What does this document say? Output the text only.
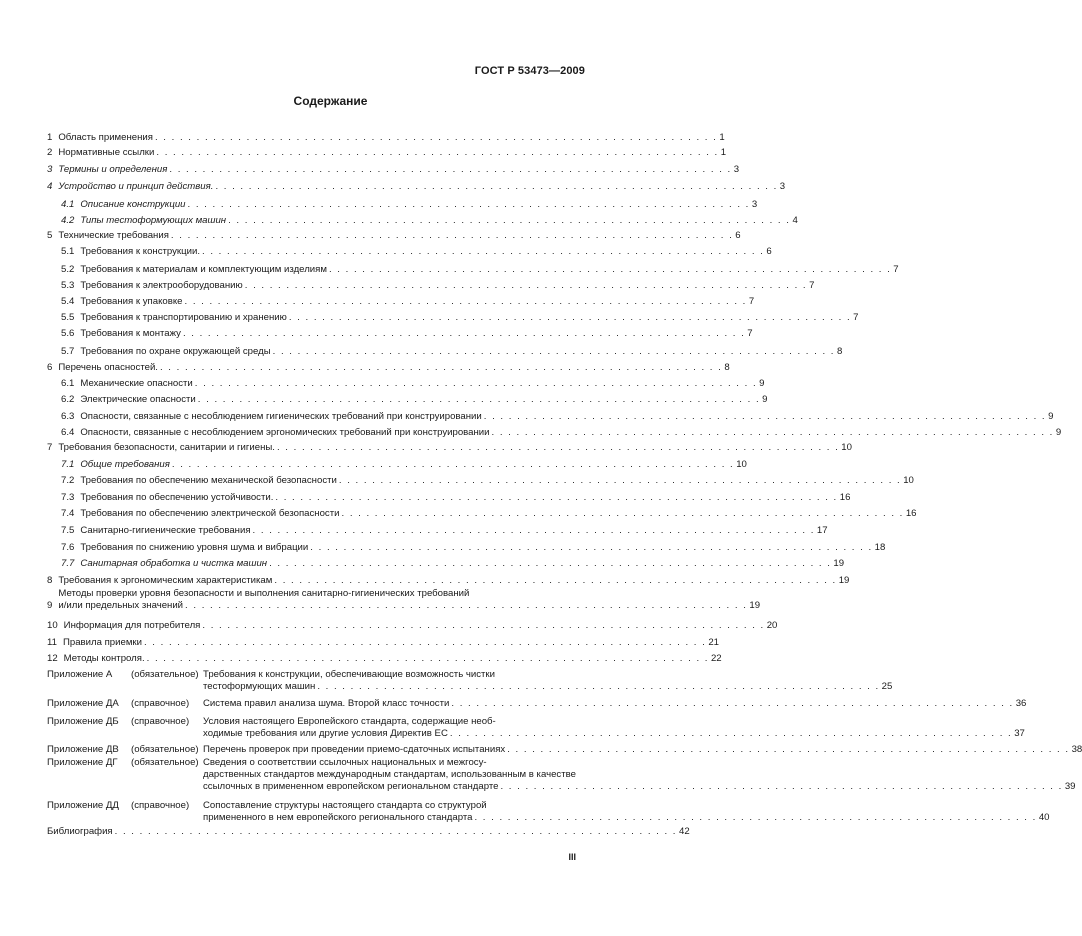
ГОСТ Р 53473—2009
Содержание
1 Область применения . . . . . . . . . . . . . . . . . . . . . . . . . . . . . . . . . . . . . . . . . . . . . . . . . . . . . . . . . . . . . . . . . . . . 1
2 Нормативные ссылки . . . . . . . . . . . . . . . . . . . . . . . . . . . . . . . . . . . . . . . . . . . . . . . . . . . . . . . . . . . . . . . . . . . . 1
3 Термины и определения . . . . . . . . . . . . . . . . . . . . . . . . . . . . . . . . . . . . . . . . . . . . . . . . . . . . . . . . . . . . . . . . . . . . 3
4 Устройство и принцип действия. . . . . . . . . . . . . . . . . . . . . . . . . . . . . . . . . . . . . . . . . . . . . . . . . . . . . . . . . . . . . . . . . . . . . 3
4.1 Описание конструкции . . . . . . . . . . . . . . . . . . . . . . . . . . . . . . . . . . . . . . . . . . . . . . . . . . . . . . . . . . . . . . . . . . . . 3
4.2 Типы тестоформующих машин . . . . . . . . . . . . . . . . . . . . . . . . . . . . . . . . . . . . . . . . . . . . . . . . . . . . . . . . . . . . . . . . . . . . 4
5 Технические требования . . . . . . . . . . . . . . . . . . . . . . . . . . . . . . . . . . . . . . . . . . . . . . . . . . . . . . . . . . . . . . . . . . . . 6
5.1 Требования к конструкции. . . . . . . . . . . . . . . . . . . . . . . . . . . . . . . . . . . . . . . . . . . . . . . . . . . . . . . . . . . . . . . . . . . . . 6
5.2 Требования к материалам и комплектующим изделиям . . . . . . . . . . . . . . . . . . . . . . . . . . . . . . . . . . . . . . . . . . . . . . . . . . . . . . . . . . . . . . . . . . . . 7
5.3 Требования к электрооборудованию . . . . . . . . . . . . . . . . . . . . . . . . . . . . . . . . . . . . . . . . . . . . . . . . . . . . . . . . . . . . . . . . . . . . 7
5.4 Требования к упаковке . . . . . . . . . . . . . . . . . . . . . . . . . . . . . . . . . . . . . . . . . . . . . . . . . . . . . . . . . . . . . . . . . . . . 7
5.5 Требования к транспортированию и хранению . . . . . . . . . . . . . . . . . . . . . . . . . . . . . . . . . . . . . . . . . . . . . . . . . . . . . . . . . . . . . . . . . . . . 7
5.6 Требования к монтажу . . . . . . . . . . . . . . . . . . . . . . . . . . . . . . . . . . . . . . . . . . . . . . . . . . . . . . . . . . . . . . . . . . . . 7
5.7 Требования по охране окружающей среды . . . . . . . . . . . . . . . . . . . . . . . . . . . . . . . . . . . . . . . . . . . . . . . . . . . . . . . . . . . . . . . . . . . . 8
6 Перечень опасностей. . . . . . . . . . . . . . . . . . . . . . . . . . . . . . . . . . . . . . . . . . . . . . . . . . . . . . . . . . . . . . . . . . . . . 8
6.1 Механические опасности . . . . . . . . . . . . . . . . . . . . . . . . . . . . . . . . . . . . . . . . . . . . . . . . . . . . . . . . . . . . . . . . . . . . 9
6.2 Электрические опасности . . . . . . . . . . . . . . . . . . . . . . . . . . . . . . . . . . . . . . . . . . . . . . . . . . . . . . . . . . . . . . . . . . . . 9
6.3 Опасности, связанные с несоблюдением гигиенических требований при конструировании . . . . . . . . . . . . . . . . . . . . . . . . . . . . . . . . . . . . . . . . . . . . . . . . . . . . . . . . . . . . . . . . . . . . 9
6.4 Опасности, связанные с несоблюдением эргономических требований при конструировании . . . . . . . . . . . . . . . . . . . . . . . . . . . . . . . . . . . . . . . . . . . . . . . . . . . . . . . . . . . . . . . . . . . . 9
7 Требования безопасности, санитарии и гигиены. . . . . . . . . . . . . . . . . . . . . . . . . . . . . . . . . . . . . . . . . . . . . . . . . . . . . . . . . . . . . . . . . . . . . 10
7.1 Общие требования . . . . . . . . . . . . . . . . . . . . . . . . . . . . . . . . . . . . . . . . . . . . . . . . . . . . . . . . . . . . . . . . . . . . 10
7.2 Требования по обеспечению механической безопасности . . . . . . . . . . . . . . . . . . . . . . . . . . . . . . . . . . . . . . . . . . . . . . . . . . . . . . . . . . . . . . . . . . . . 10
7.3 Требования по обеспечению устойчивости. . . . . . . . . . . . . . . . . . . . . . . . . . . . . . . . . . . . . . . . . . . . . . . . . . . . . . . . . . . . . . . . . . . . . 16
7.4 Требования по обеспечению электрической безопасности . . . . . . . . . . . . . . . . . . . . . . . . . . . . . . . . . . . . . . . . . . . . . . . . . . . . . . . . . . . . . . . . . . . . 16
7.5 Санитарно-гигиенические требования . . . . . . . . . . . . . . . . . . . . . . . . . . . . . . . . . . . . . . . . . . . . . . . . . . . . . . . . . . . . . . . . . . . . 17
7.6 Требования по снижению уровня шума и вибрации . . . . . . . . . . . . . . . . . . . . . . . . . . . . . . . . . . . . . . . . . . . . . . . . . . . . . . . . . . . . . . . . . . . . 18
7.7 Санитарная обработка и чистка машин . . . . . . . . . . . . . . . . . . . . . . . . . . . . . . . . . . . . . . . . . . . . . . . . . . . . . . . . . . . . . . . . . . . . 19
8 Требования к эргономическим характеристикам . . . . . . . . . . . . . . . . . . . . . . . . . . . . . . . . . . . . . . . . . . . . . . . . . . . . . . . . . . . . . . . . . . . . 19
9
Методы проверки уровня безопасности и выполнения санитарно-гигиенических требований
и/или предельных значений . . . . . . . . . . . . . . . . . . . . . . . . . . . . . . . . . . . . . . . . . . . . . . . . . . . . . . . . . . . . . . . . . . . . 19
10 Информация для потребителя . . . . . . . . . . . . . . . . . . . . . . . . . . . . . . . . . . . . . . . . . . . . . . . . . . . . . . . . . . . . . . . . . . . . 20
11 Правила приемки . . . . . . . . . . . . . . . . . . . . . . . . . . . . . . . . . . . . . . . . . . . . . . . . . . . . . . . . . . . . . . . . . . . . 21
12 Методы контроля. . . . . . . . . . . . . . . . . . . . . . . . . . . . . . . . . . . . . . . . . . . . . . . . . . . . . . . . . . . . . . . . . . . . . 22
Приложение А	(обязательное) Требования к конструкции, обеспечивающие возможность чистки
тестоформующих машин . . . . . . . . . . . . . . . . . . . . . . . . . . . . . . . . . . . . . . . . . . . . . . . . . . . . . . . . . . . . . . . . . . . . 25
Приложение ДА	(справочное)	Система правил анализа шума. Второй класс точности . . . . . . . . . . . . . . . . . . . . . . . . . . . . . . . . . . . . . . . . . . . . . . . . . . . . . . . . . . . . . . . . . . . . 36
Приложение ДБ	(справочное)	Условия настоящего Европейского стандарта, содержащие необ-
ходимые требования или другие условия Директив ЕС . . . . . . . . . . . . . . . . . . . . . . . . . . . . . . . . . . . . . . . . . . . . . . . . . . . . . . . . . . . . . . . . . . . . 37
Приложение ДВ	(обязательное) Перечень проверок при проведении приемо-сдаточных испытаниях . . . . . . . . . . . . . . . . . . . . . . . . . . . . . . . . . . . . . . . . . . . . . . . . . . . . . . . . . . . . . . . . . . . . 38
Приложение ДГ	(обязательное) Сведения о соответствии ссылочных национальных и межгосу-
дарственных стандартов международным стандартам, использованным в качестве
ссылочных в примененном европейском региональном стандарте . . . . . . . . . . . . . . . . . . . . . . . . . . . . . . . . . . . . . . . . . . . . . . . . . . . . . . . . . . . . . . . . . . . . 39
Приложение ДД	(справочное)	Сопоставление структуры настоящего стандарта со структурой
примененного в нем европейского регионального стандарта . . . . . . . . . . . . . . . . . . . . . . . . . . . . . . . . . . . . . . . . . . . . . . . . . . . . . . . . . . . . . . . . . . . . 40
Библиография . . . . . . . . . . . . . . . . . . . . . . . . . . . . . . . . . . . . . . . . . . . . . . . . . . . . . . . . . . . . . . . . . . . . 42
III
